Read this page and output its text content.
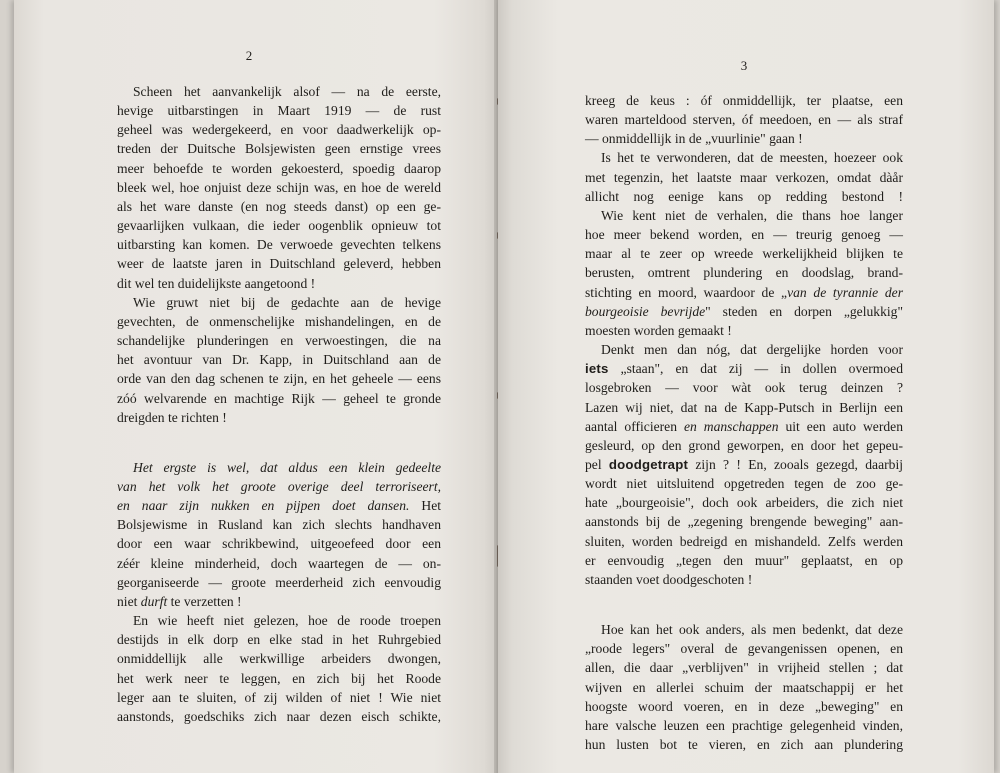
2
Scheen het aanvankelijk alsof — na de eerste,
hevige uitbarstingen in Maart 1919 — de rust
geheel was wedergekeerd, en voor daadwerkelijk op-
treden der Duitsche Bolsjewisten geen ernstige vrees
meer behoefde te worden gekoesterd, spoedig daarop
bleek wel, hoe onjuist deze schijn was, en hoe de wereld
als het ware danste (en nog steeds danst) op een ge-
gevaarlijken vulkaan, die ieder oogenblik opnieuw tot
uitbarsting kan komen. De verwoede gevechten telkens
weer de laatste jaren in Duitschland geleverd, hebben
dit wel ten duidelijkste aangetoond !
Wie gruwt niet bij de gedachte aan de hevige
gevechten, de onmenschelijke mishandelingen, en de
schandelijke plunderingen en verwoestingen, die na
het avontuur van Dr. Kapp, in Duitschland aan de
orde van den dag schenen te zijn, en het geheele — eens
zóó welvarende en machtige Rijk — geheel te gronde
dreigden te richten !
Het ergste is wel, dat aldus een klein gedeelte
van het volk het groote overige deel terroriseert,
en naar zijn nukken en pijpen doet dansen. Het
Bolsjewisme in Rusland kan zich slechts handhaven
door een waar schrikbewind, uitgeoefeed door een
zéér kleine minderheid, doch waartegen de — on-
georganiseerde — groote meerderheid zich eenvoudig
niet durft te verzetten !
En wie heeft niet gelezen, hoe de roode troepen
destijds in elk dorp en elke stad in het Ruhrgebied
onmiddellijk alle werkwillige arbeiders dwongen,
het werk neer te leggen, en zich bij het Roode
leger aan te sluiten, of zij wilden of niet ! Wie niet
aanstonds, goedschiks zich naar dezen eisch schikte,
3
kreeg de keus : óf onmiddellijk, ter plaatse, een
waren marteldood sterven, óf meedoen, en — als straf
— onmiddellijk in de „vuurlinie" gaan !
Is het te verwonderen, dat de meesten, hoezeer ook
met tegenzin, het laatste maar verkozen, omdat dàår
allicht nog eenige kans op redding bestond !
Wie kent niet de verhalen, die thans hoe langer
hoe meer bekend worden, en — treurig genoeg —
maar al te zeer op wreede werkelijkheid blijken te
berusten, omtrent plundering en doodslag, brand-
stichting en moord, waardoor de „van de tyrannie der
bourgeoisie bevrijde" steden en dorpen „gelukkig"
moesten worden gemaakt !
Denkt men dan nóg, dat dergelijke horden voor
iets „staan", en dat zij — in dollen overmoed
losgebroken — voor wàt ook terug deinzen ?
Lazen wij niet, dat na de Kapp-Putsch in Berlijn een
aantal officieren en manschappen uit een auto werden
gesleurd, op den grond geworpen, en door het gepeu-
pel doodgetrapt zijn ? ! En, zooals gezegd, daarbij
wordt niet uitsluitend opgetreden tegen de zoo ge-
hate „bourgeoisie", doch ook arbeiders, die zich niet
aanstonds bij de „zegening brengende beweging" aan-
sluiten, worden bedreigd en mishandeld. Zelfs werden
er eenvoudig „tegen den muur" geplaatst, en op
staanden voet doodgeschoten !
Hoe kan het ook anders, als men bedenkt, dat deze
„roode legers" overal de gevangenissen openen, en
allen, die daar „verblijven" in vrijheid stellen ; dat
wijven en allerlei schuim der maatschappij er het
hoogste woord voeren, en in deze „beweging" en
hare valsche leuzen een prachtige gelegenheid vinden,
hun lusten bot te vieren, en zich aan plundering
